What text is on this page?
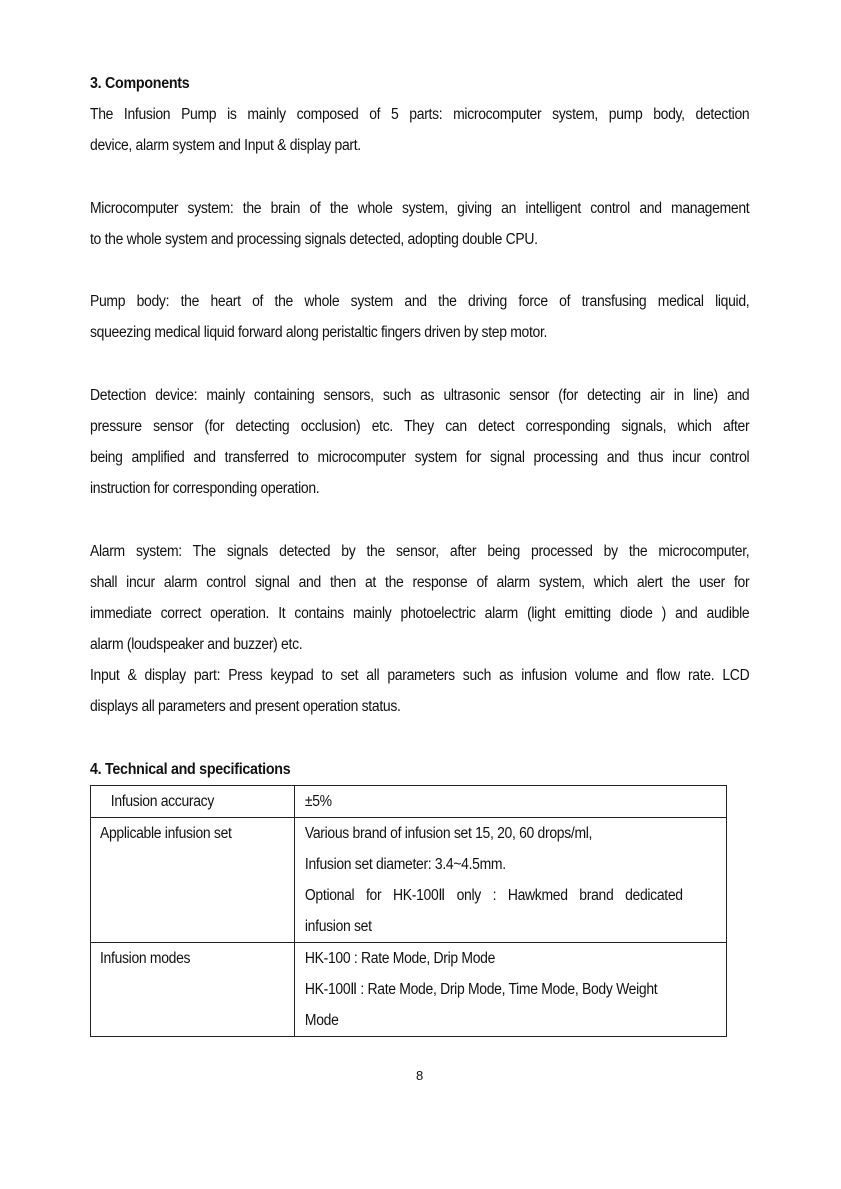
3. Components
The Infusion Pump is mainly composed of 5 parts: microcomputer system, pump body, detection
device, alarm system and Input & display part.
Microcomputer system: the brain of the whole system, giving an intelligent control and management
to the whole system and processing signals detected, adopting double CPU.
Pump body: the heart of the whole system and the driving force of transfusing medical liquid,
squeezing medical liquid forward along peristaltic fingers driven by step motor.
Detection device: mainly containing sensors, such as ultrasonic sensor (for detecting air in line) and
pressure sensor (for detecting occlusion) etc. They can detect corresponding signals, which after
being amplified and transferred to microcomputer system for signal processing and thus incur control
instruction for corresponding operation.
Alarm system: The signals detected by the sensor, after being processed by the microcomputer,
shall incur alarm control signal and then at the response of alarm system, which alert the user for
immediate correct operation. It contains mainly photoelectric alarm (light emitting diode ) and audible
alarm (loudspeaker and buzzer) etc.
Input & display part: Press keypad to set all parameters such as infusion volume and flow rate. LCD
displays all parameters and present operation status.
4. Technical and specifications
Infusion accuracy	±5%

Applicable infusion set	Various brand of infusion set 15, 20, 60 drops/ml,
Infusion set diameter: 3.4~4.5mm.
Optional for HK-100Ⅱ only : Hawkmed brand dedicated
infusion set

Infusion modes	HK-100 : Rate Mode, Drip Mode
HK-100Ⅱ : Rate Mode, Drip Mode, Time Mode, Body Weight
Mode
8
